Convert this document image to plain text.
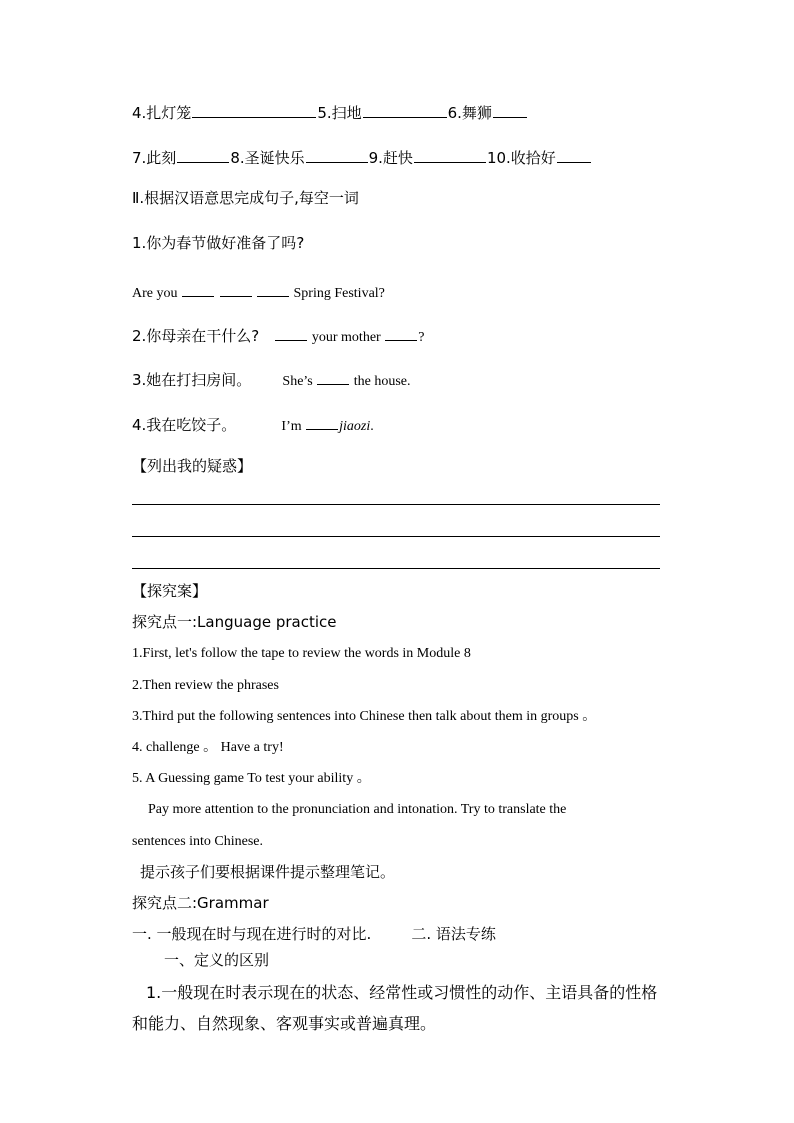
4.扎灯笼	5.扫地	6.舞狮
7.此刻	8.圣诞快乐	9.赶快	10.收拾好
Ⅱ.根据汉语意思完成句子,每空一词
1.你为春节做好准备了吗?
Are you	Spring Festival?
2.你母亲在干什么?	your mother	?
3.她在打扫房间。 She’s	the house.
4.我在吃饺子。	I’m	jiaozi.
【列出我的疑惑】
【探究案】
探究点一:Language practice
1.First, let's follow the tape to review the words in Module 8
2.Then review the phrases
3.Third put the following sentences into Chinese then talk about them in groups 。
4. challenge 。 Have a try!
5. A Guessing game To test your ability 。
Pay more attention to the pronunciation and intonation. Try to translate the
sentences into Chinese.
提示孩子们要根据课件提示整理笔记。
探究点二:Grammar
一. 一般现在时与现在进行时的对比.	二. 语法专练
一、定义的区别
1.一般现在时表示现在的状态、经常性或习惯性的动作、主语具备的性格
和能力、自然现象、客观事实或普遍真理。
